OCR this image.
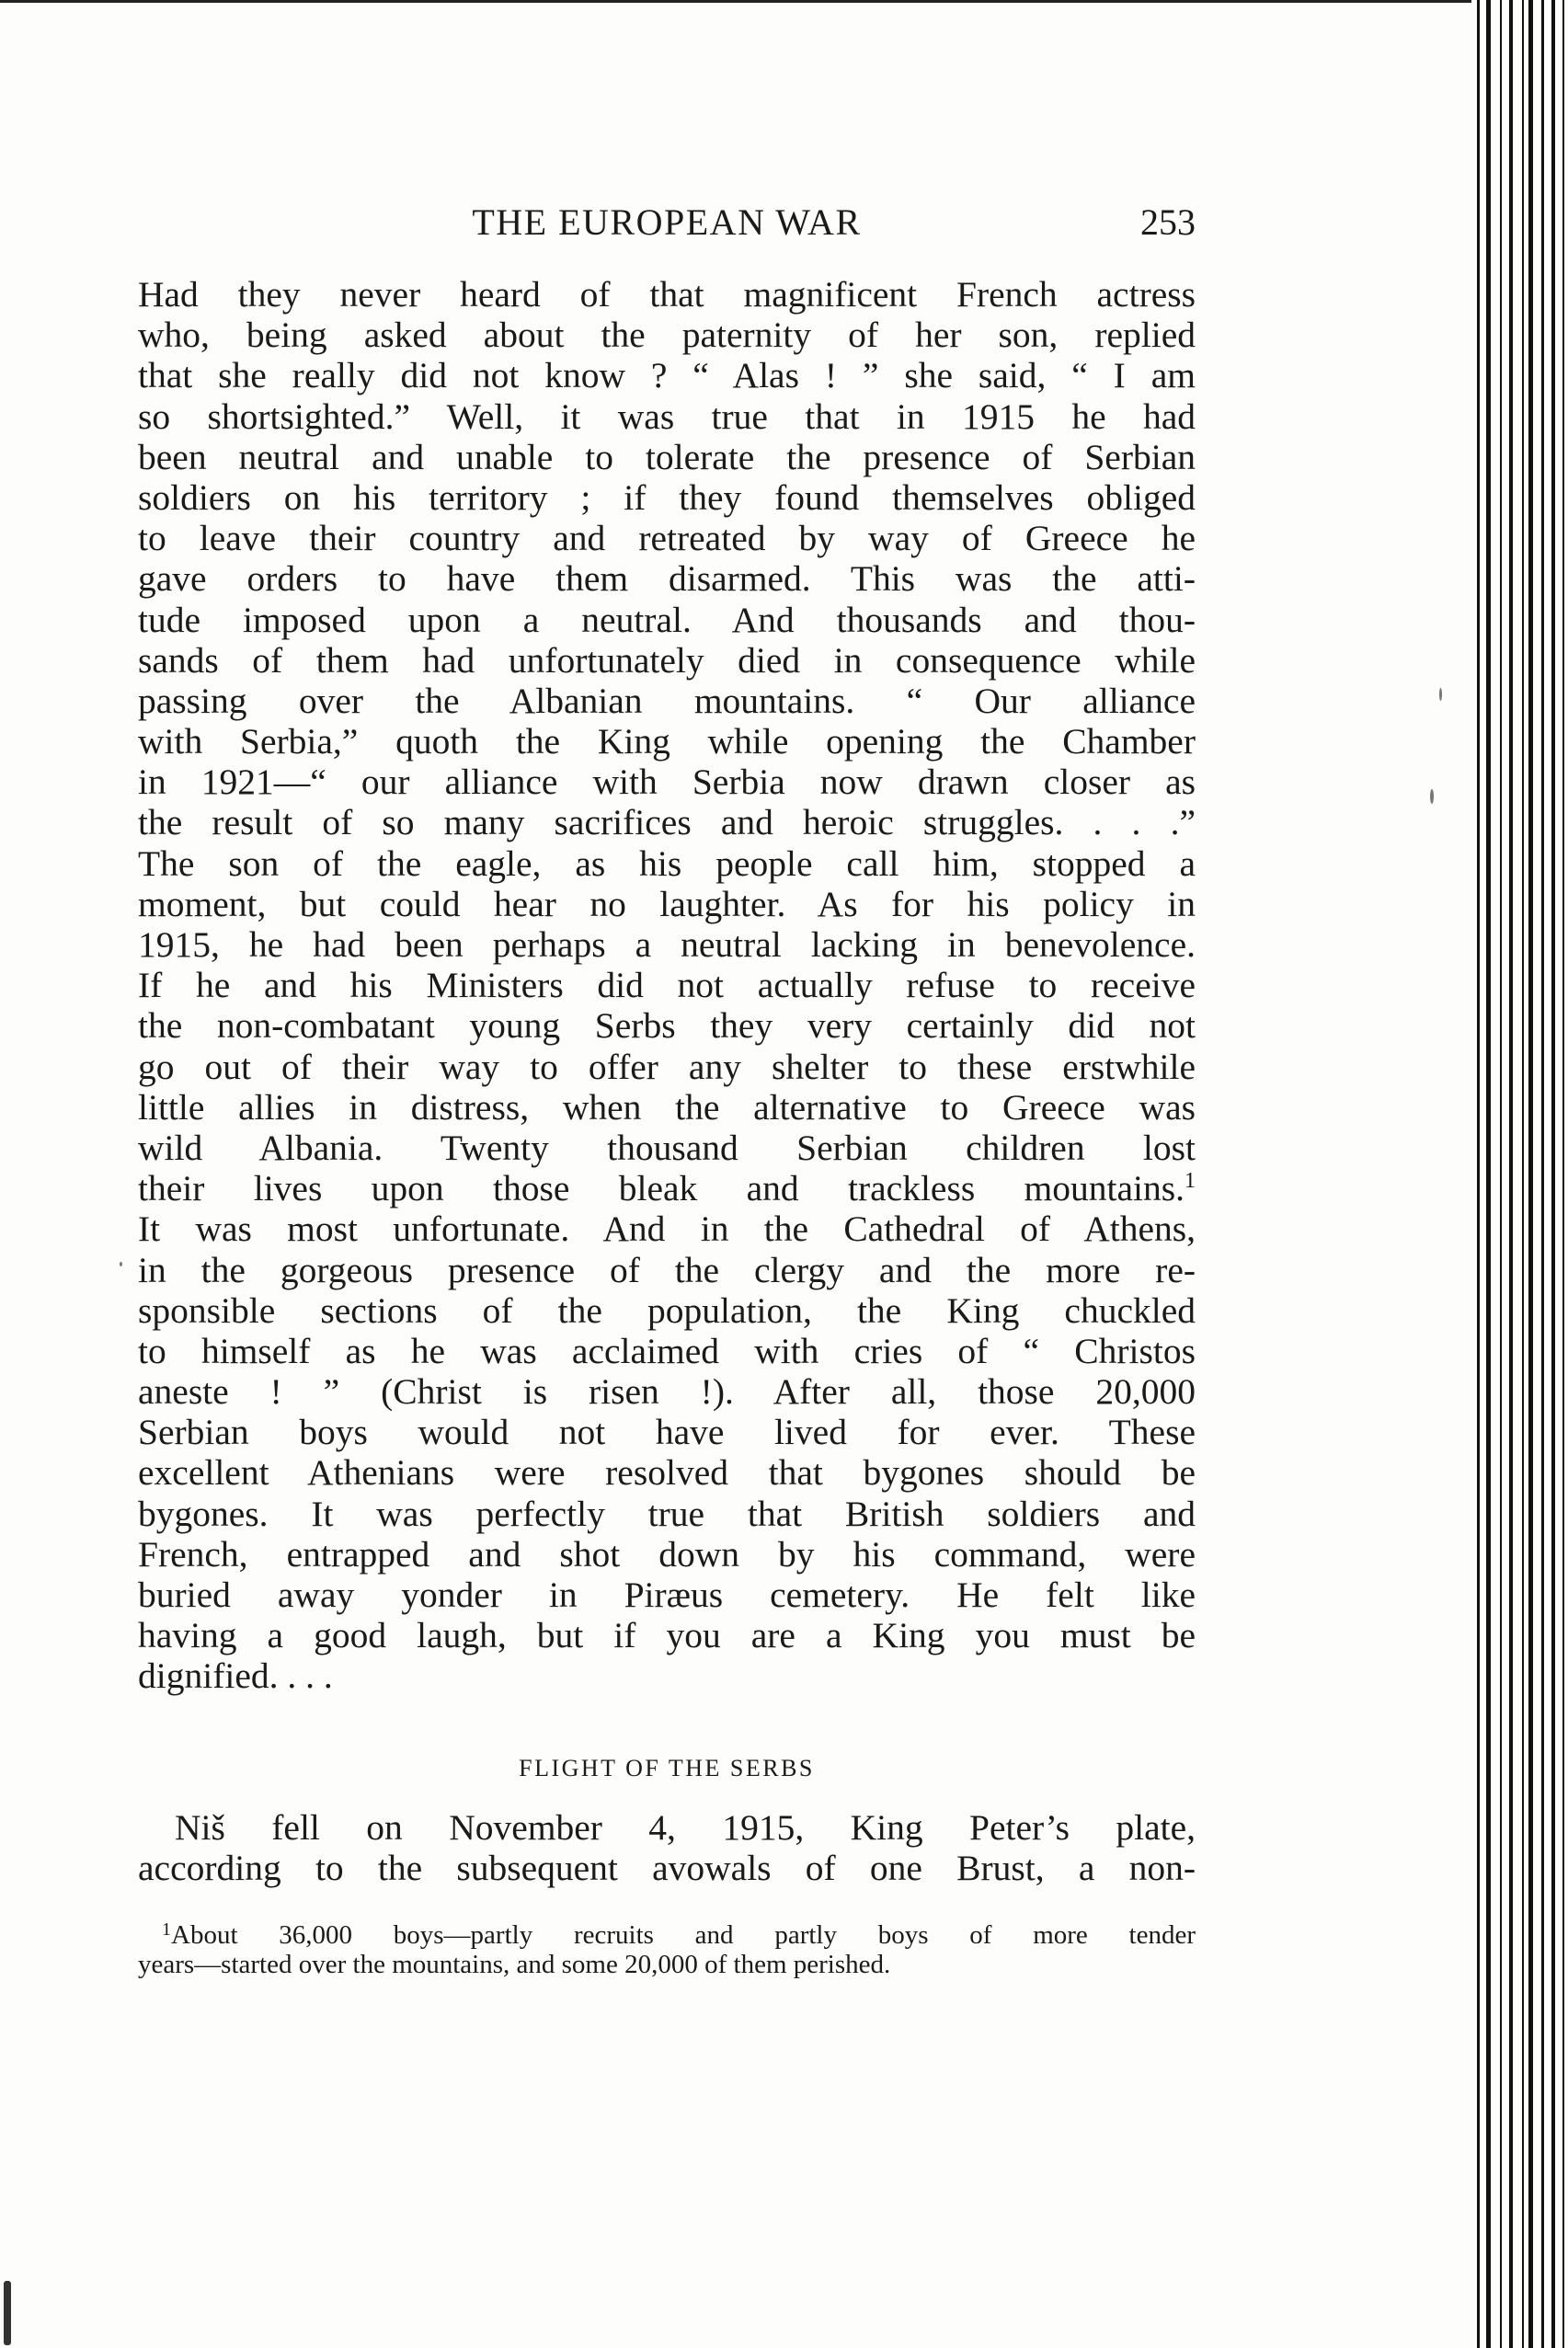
THE EUROPEAN WAR	253
Had they never heard of that magnificent French actress
who, being asked about the paternity of her son, replied
that she really did not know ? “ Alas ! ” she said, “ I am
so shortsighted.” Well, it was true that in 1915 he had
been neutral and unable to tolerate the presence of Serbian
soldiers on his territory ; if they found themselves obliged
to leave their country and retreated by way of Greece he
gave orders to have them disarmed. This was the atti-
tude imposed upon a neutral. And thousands and thou-
sands of them had unfortunately died in consequence while
passing over the Albanian mountains. “ Our alliance
with Serbia,” quoth the King while opening the Chamber
in 1921—“ our alliance with Serbia now drawn closer as
the result of so many sacrifices and heroic struggles. . . .”
The son of the eagle, as his people call him, stopped a
moment, but could hear no laughter. As for his policy in
1915, he had been perhaps a neutral lacking in benevolence.
If he and his Ministers did not actually refuse to receive
the non-combatant young Serbs they very certainly did not
go out of their way to offer any shelter to these erstwhile
little allies in distress, when the alternative to Greece was
wild Albania. Twenty thousand Serbian children lost
their lives upon those bleak and trackless mountains.$^1$
It was most unfortunate. And in the Cathedral of Athens,
in the gorgeous presence of the clergy and the more re-
sponsible sections of the population, the King chuckled
to himself as he was acclaimed with cries of “ Christos
aneste ! ” (Christ is risen !). After all, those 20,000
Serbian boys would not have lived for ever. These
excellent Athenians were resolved that bygones should be
bygones. It was perfectly true that British soldiers and
French, entrapped and shot down by his command, were
buried away yonder in Piræus cemetery. He felt like
having a good laugh, but if you are a King you must be
dignified. . . .
FLIGHT OF THE SERBS
Niš fell on November 4, 1915, King Peter’s plate,
according to the subsequent avowals of one Brust, a non-
$^1$About 36,000 boys—partly recruits and partly boys of more tender
years—started over the mountains, and some 20,000 of them perished.
